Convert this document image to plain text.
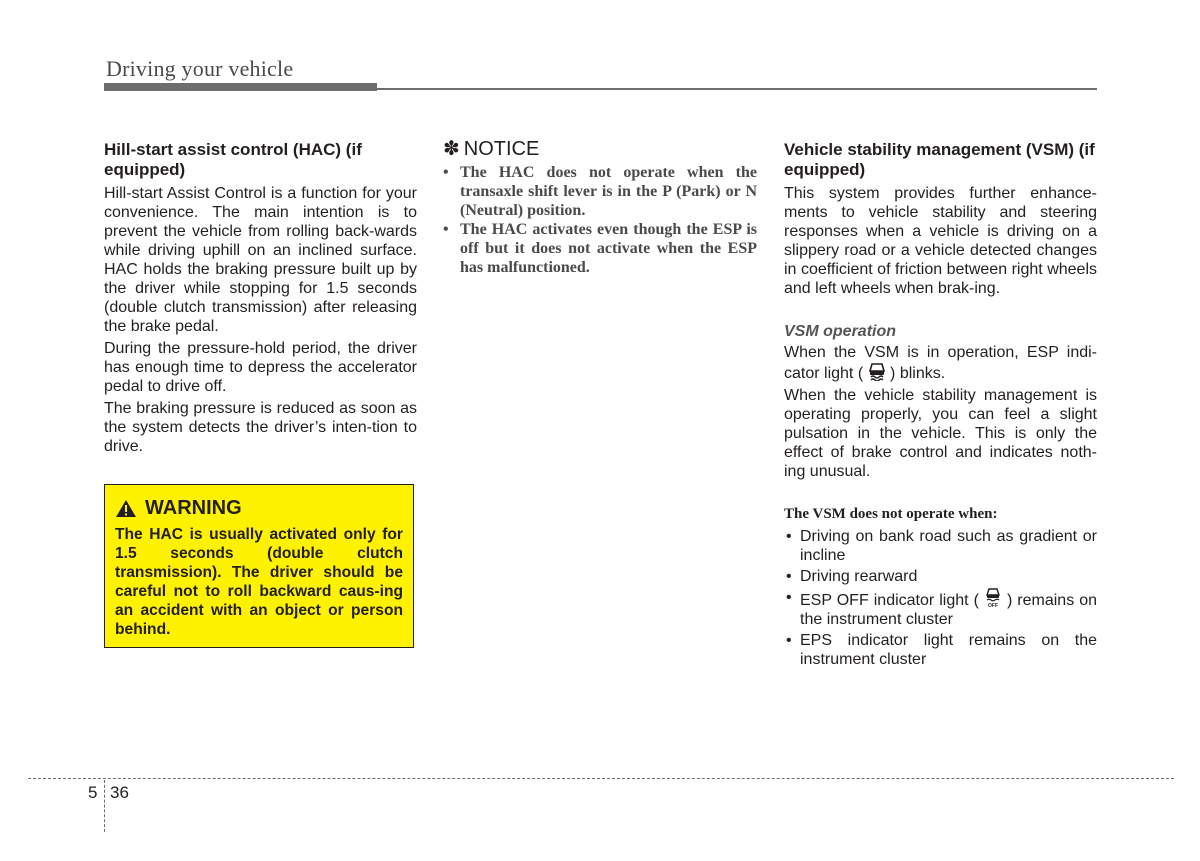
Driving your vehicle
Hill-start assist control (HAC) (if equipped)

Hill-start Assist Control is a function for your convenience. The main intention is to prevent the vehicle from rolling back-wards while driving uphill on an inclined surface. HAC holds the braking pressure built up by the driver while stopping for 1.5 seconds (double clutch transmission) after releasing the brake pedal.

During the pressure-hold period, the driver has enough time to depress the accelerator pedal to drive off.

The braking pressure is reduced as soon as the system detects the driver’s inten-tion to drive.

WARNING
The HAC is usually activated only for 1.5 seconds (double clutch transmission). The driver should be careful not to roll backward caus-ing an accident with an object or person behind.
✽ NOTICE
• The HAC does not operate when the transaxle shift lever is in the P (Park) or N (Neutral) position.
• The HAC activates even though the ESP is off but it does not activate when the ESP has malfunctioned.
Vehicle stability management (VSM) (if equipped)

This system provides further enhance-ments to vehicle stability and steering responses when a vehicle is driving on a slippery road or a vehicle detected changes in coefficient of friction between right wheels and left wheels when brak-ing.

VSM operation

When the VSM is in operation, ESP indi-cator light ( ) blinks.

When the vehicle stability management is operating properly, you can feel a slight pulsation in the vehicle. This is only the effect of brake control and indicates noth-ing unusual.

The VSM does not operate when:
• Driving on bank road such as gradient or incline
• Driving rearward
• ESP OFF indicator light ( OFF ) remains on the instrument cluster
• EPS indicator light remains on the instrument cluster
5 36
